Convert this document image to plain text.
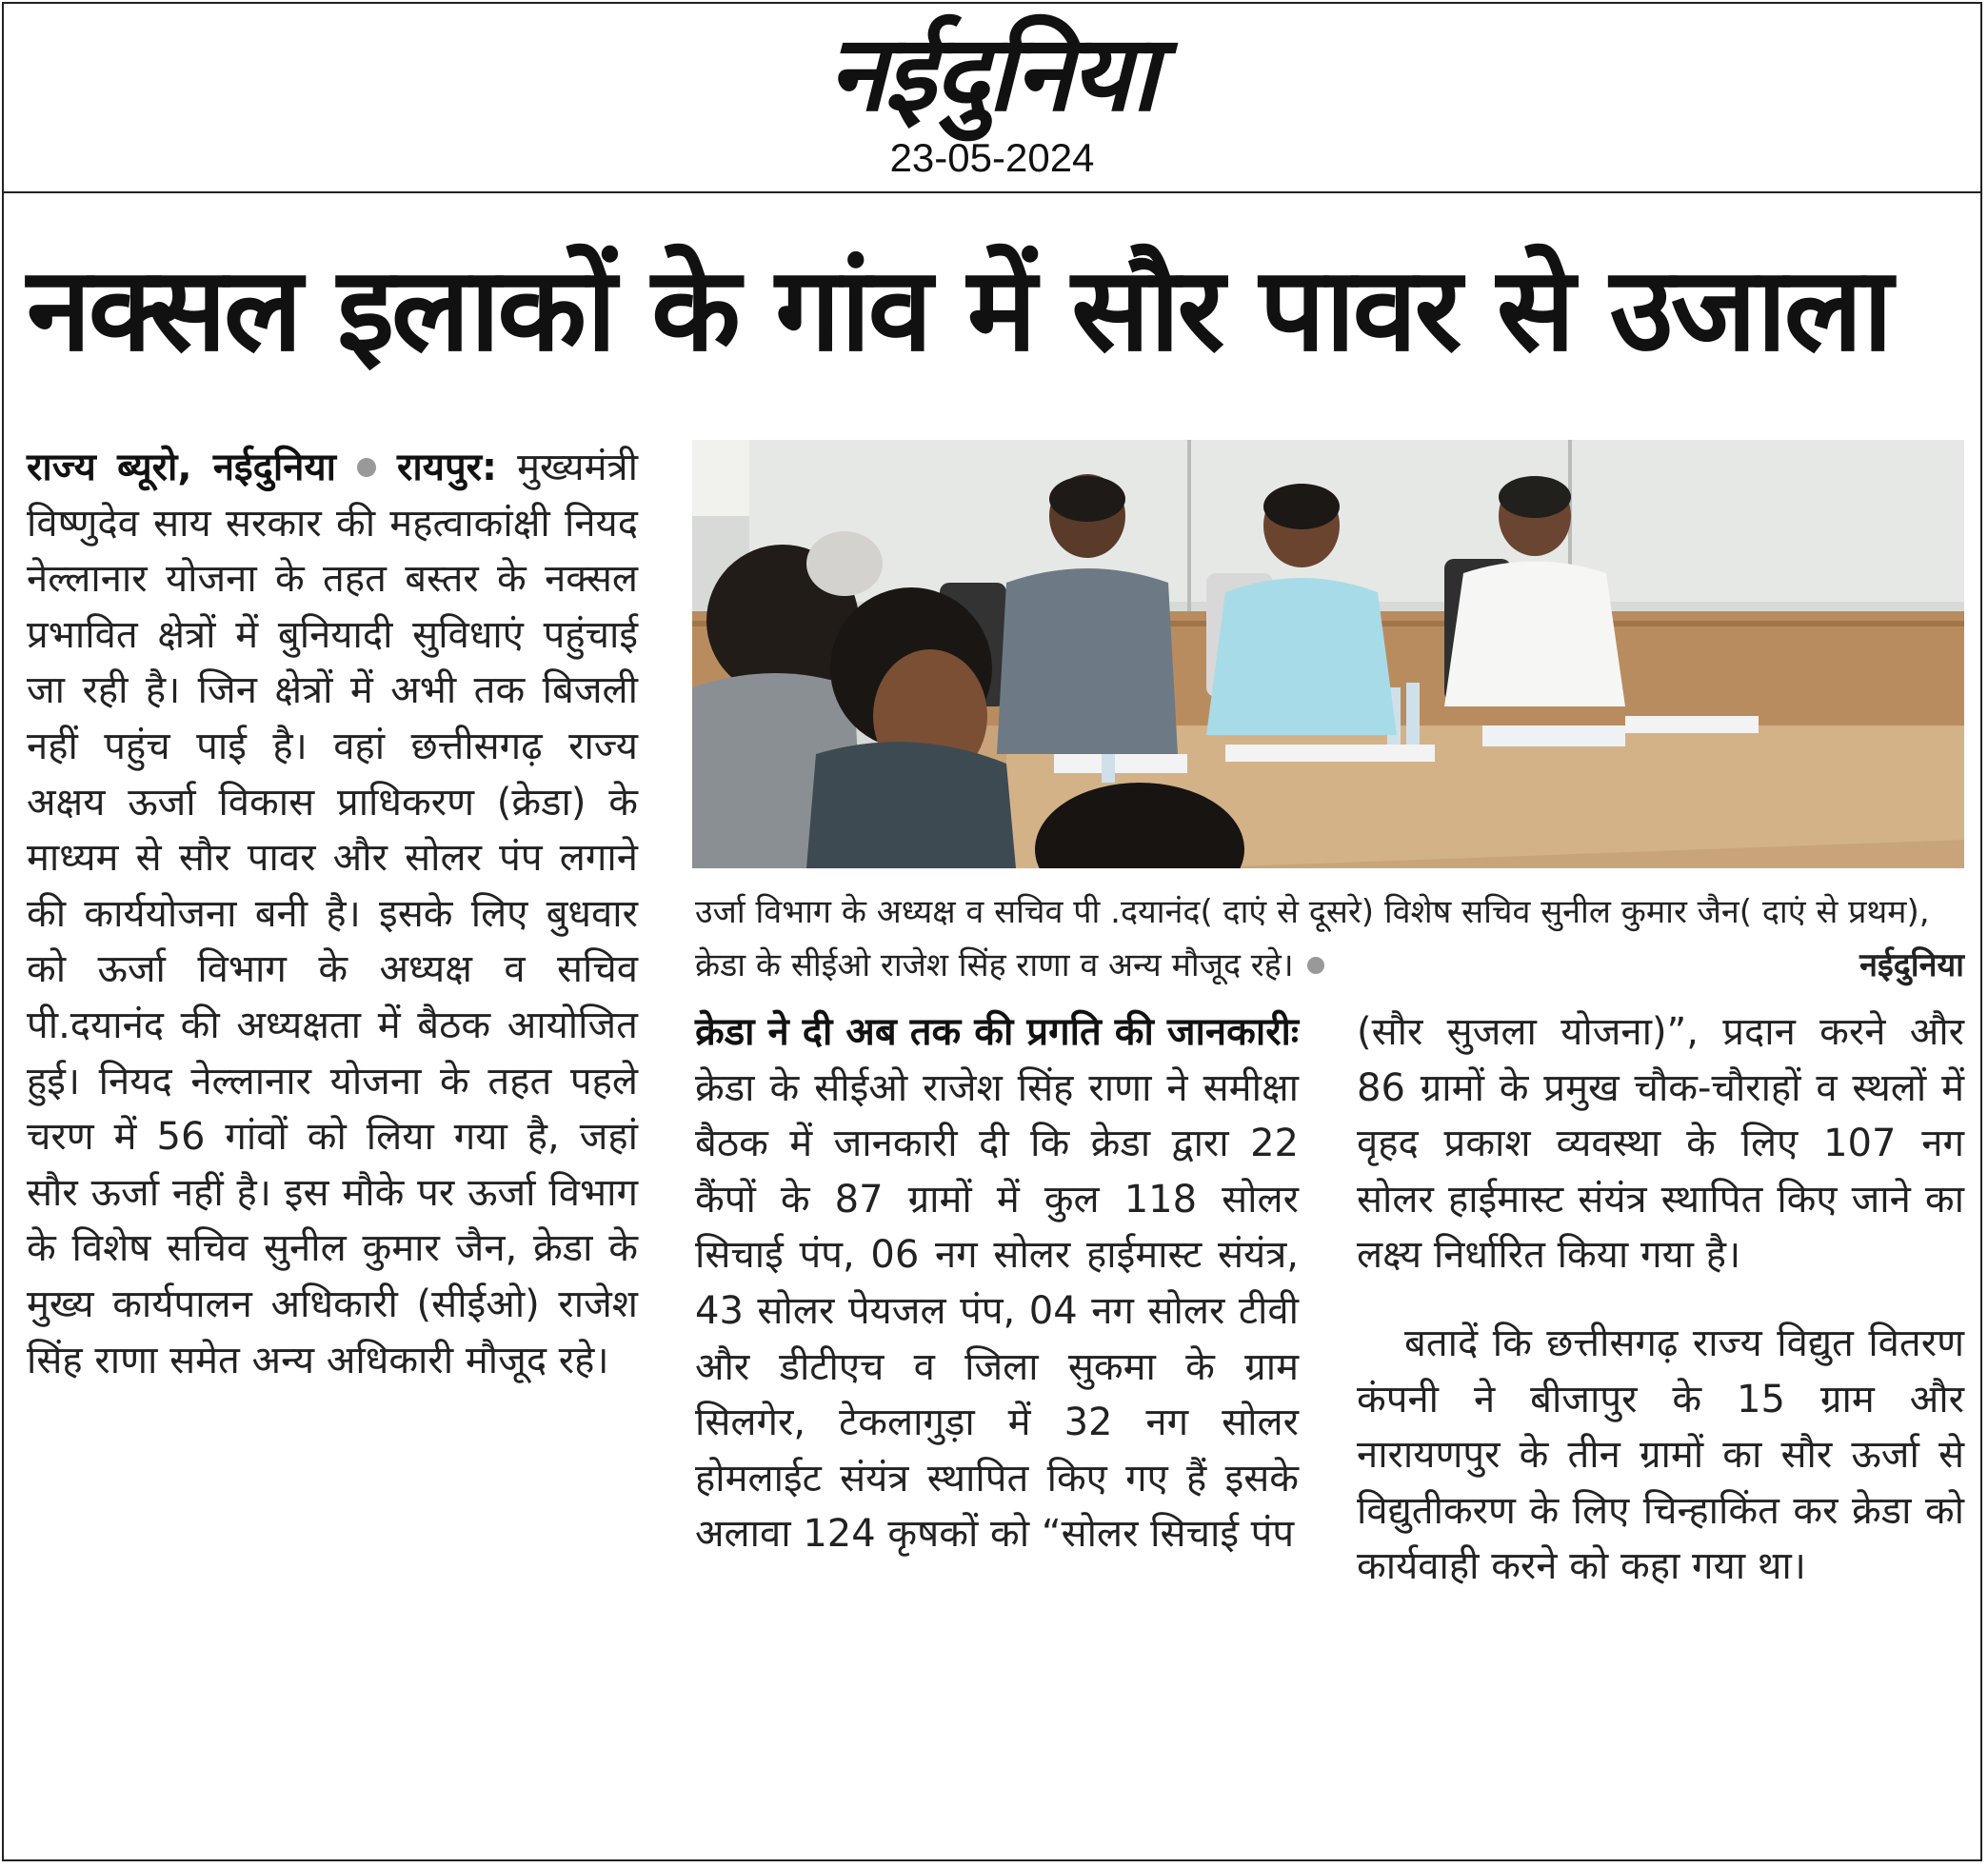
नईदुनिया
23-05-2024
नक्सल इलाकों के गांव में सौर पावर से उजाला

राज्य ब्यूरो, नईदुनिया रायपुर: मुख्यमंत्री विष्णुदेव साय सरकार की महत्वाकांक्षी नियद नेल्लानार योजना के तहत बस्तर के नक्सल प्रभावित क्षेत्रों में बुनियादी सुविधाएं पहुंचाई जा रही है। जिन क्षेत्रों में अभी तक बिजली नहीं पहुंच पाई है। वहां छत्तीसगढ़ राज्य अक्षय ऊर्जा विकास प्राधिकरण (क्रेडा) के माध्यम से सौर पावर और सोलर पंप लगाने की कार्ययोजना बनी है। इसके लिए बुधवार को ऊर्जा विभाग के अध्यक्ष व सचिव पी.दयानंद की अध्यक्षता में बैठक आयोजित हुई। नियद नेल्लानार योजना के तहत पहले चरण में 56 गांवों को लिया गया है, जहां सौर ऊर्जा नहीं है। इस मौके पर ऊर्जा विभाग के विशेष सचिव सुनील कुमार जैन, क्रेडा के मुख्य कार्यपालन अधिकारी (सीईओ) राजेश सिंह राणा समेत अन्य अधिकारी मौजूद रहे।

उर्जा विभाग के अध्यक्ष व सचिव पी .दयानंद( दाएं से दूसरे) विशेष सचिव सुनील कुमार जैन( दाएं से प्रथम), क्रेडा के सीईओ राजेश सिंह राणा व अन्य मौजूद रहे।	नईदुनिया

क्रेडा ने दी अब तक की प्रगति की जानकारीः क्रेडा के सीईओ राजेश सिंह राणा ने समीक्षा बैठक में जानकारी दी कि क्रेडा द्वारा 22 कैंपों के 87 ग्रामों में कुल 118 सोलर सिचाई पंप, 06 नग सोलर हाईमास्ट संयंत्र, 43 सोलर पेयजल पंप, 04 नग सोलर टीवी और डीटीएच व जिला सुकमा के ग्राम सिलगेर, टेकलागुड़ा में 32 नग सोलर होमलाईट संयंत्र स्थापित किए गए हैं इसके अलावा 124 कृषकों को “सोलर सिचाई पंप

(सौर सुजला योजना)”, प्रदान करने और 86 ग्रामों के प्रमुख चौक-चौराहों व स्थलों में वृहद प्रकाश व्यवस्था के लिए 107 नग सोलर हाईमास्ट संयंत्र स्थापित किए जाने का लक्ष्य निर्धारित किया गया है।

बतादें कि छत्तीसगढ़ राज्य विद्युत वितरण कंपनी ने बीजापुर के 15 ग्राम और नारायणपुर के तीन ग्रामों का सौर ऊर्जा से विद्युतीकरण के लिए चिन्हाकिंत कर क्रेडा को कार्यवाही करने को कहा गया था।
